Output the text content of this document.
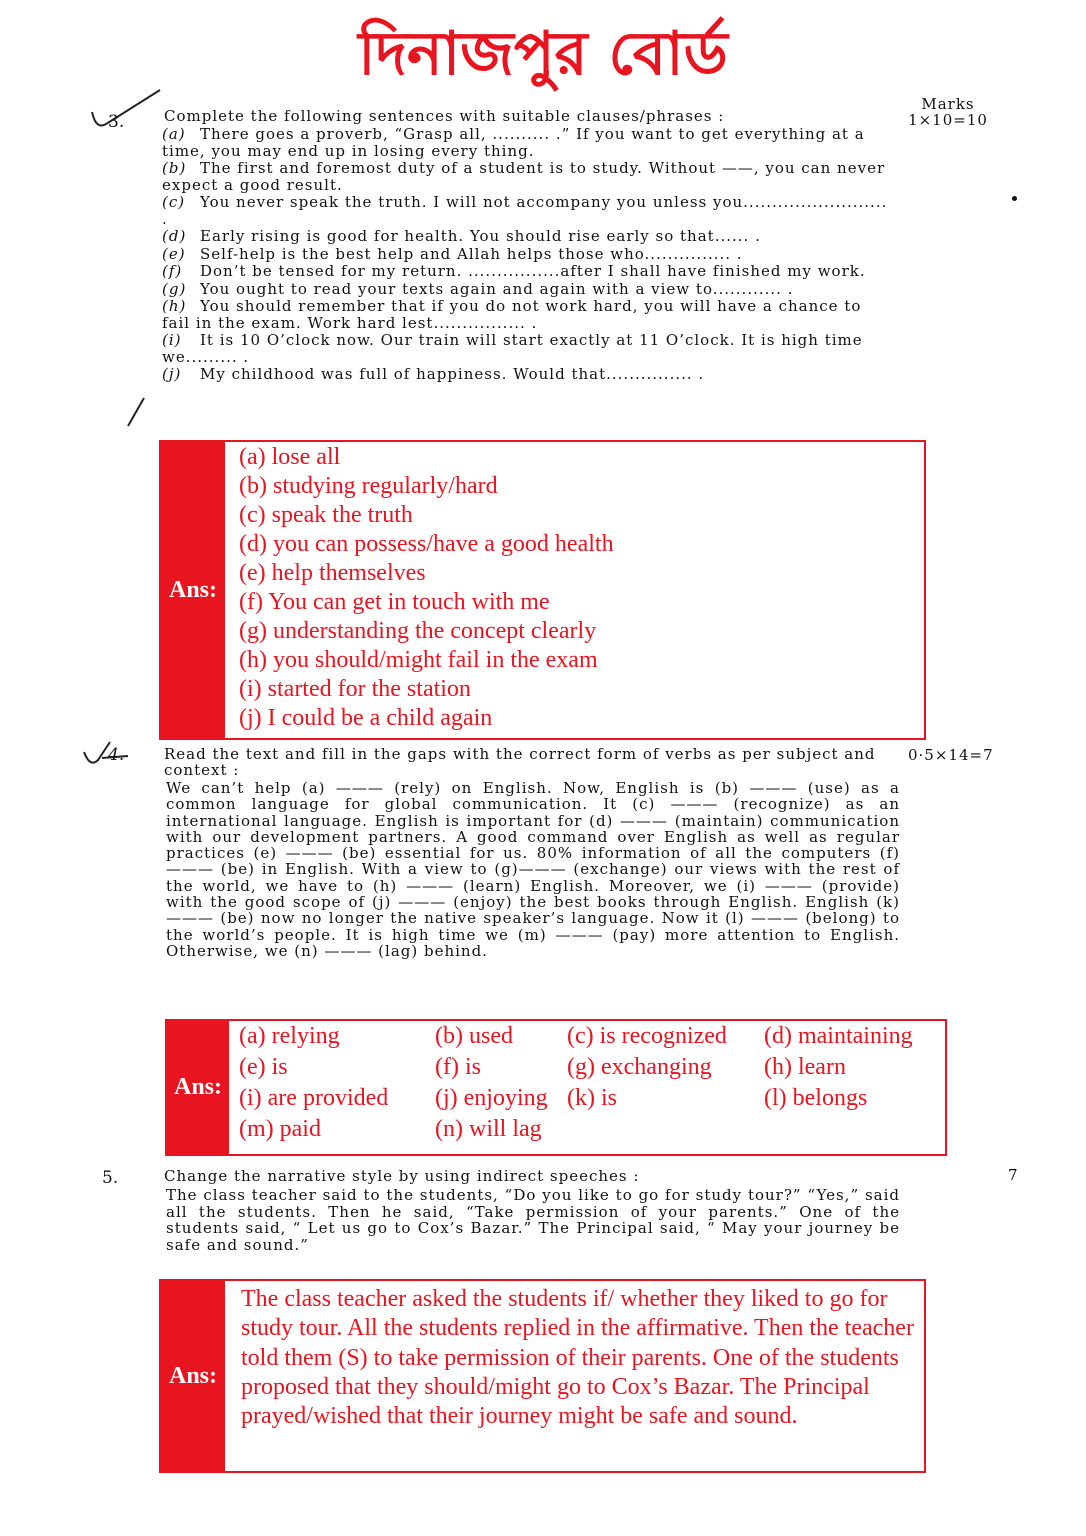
দিনাজপুর বোর্ড
Marks
1×10=10
3.	Complete the following sentences with suitable clauses/phrases :
(a) There goes a proverb, “Grasp all, .......... .” If you want to get everything at a time, you may end up in losing every thing.
(b) The first and foremost duty of a student is to study. Without ——, you can never expect a good result.
(c) You never speak the truth. I will not accompany you unless you......................... .
(d) Early rising is good for health. You should rise early so that...... .
(e) Self-help is the best help and Allah helps those who............... .
(f) Don’t be tensed for my return. ................after I shall have finished my work.
(g) You ought to read your texts again and again with a view to............ .
(h) You should remember that if you do not work hard, you will have a chance to fail in the exam. Work hard lest................ .
(i) It is 10 O’clock now. Our train will start exactly at 11 O’clock. It is high time we......... .
(j) My childhood was full of happiness. Would that............... .
Ans:
(a) lose all
(b) studying regularly/hard
(c) speak the truth
(d) you can possess/have a good health
(e) help themselves
(f) You can get in touch with me
(g) understanding the concept clearly
(h) you should/might fail in the exam
(i) started for the station
(j) I could be a child again
4.	Read the text and fill in the gaps with the correct form of verbs as per subject and context :
0·5×14=7
We can’t help (a) ——— (rely) on English. Now, English is (b) ——— (use) as a common language for global communication. It (c) ——— (recognize) as an international language. English is important for (d) ——— (maintain) communication with our development partners. A good command over English as well as regular practices (e) ——— (be) essential for us. 80% information of all the computers (f) ——— (be) in English. With a view to (g)——— (exchange) our views with the rest of the world, we have to (h) ——— (learn) English. Moreover, we (i) ——— (provide) with the good scope of (j) ——— (enjoy) the best books through English. English (k) ——— (be) now no longer the native speaker’s language. Now it (l) ——— (belong) to the world’s people. It is high time we (m) ——— (pay) more attention to English. Otherwise, we (n) ——— (lag) behind.
Ans:
(a) relying	(b) used (c) is recognized (d) maintaining
(e) is	(f) is	(g) exchanging (h) learn
(i) are provided (j) enjoying (k) is	(l) belongs
(m) paid	(n) will lag
5.	Change the narrative style by using indirect speeches :	7
The class teacher said to the students, “Do you like to go for study tour?” “Yes,” said all the students. Then he said, “Take permission of your parents.” One of the students said, “ Let us go to Cox’s Bazar.” The Principal said, “ May your journey be safe and sound.”
Ans:
The class teacher asked the students if/ whether they liked to go for study tour. All the students replied in the affirmative. Then the teacher told them (S) to take permission of their parents. One of the students proposed that they should/might go to Cox’s Bazar. The Principal prayed/wished that their journey might be safe and sound.
